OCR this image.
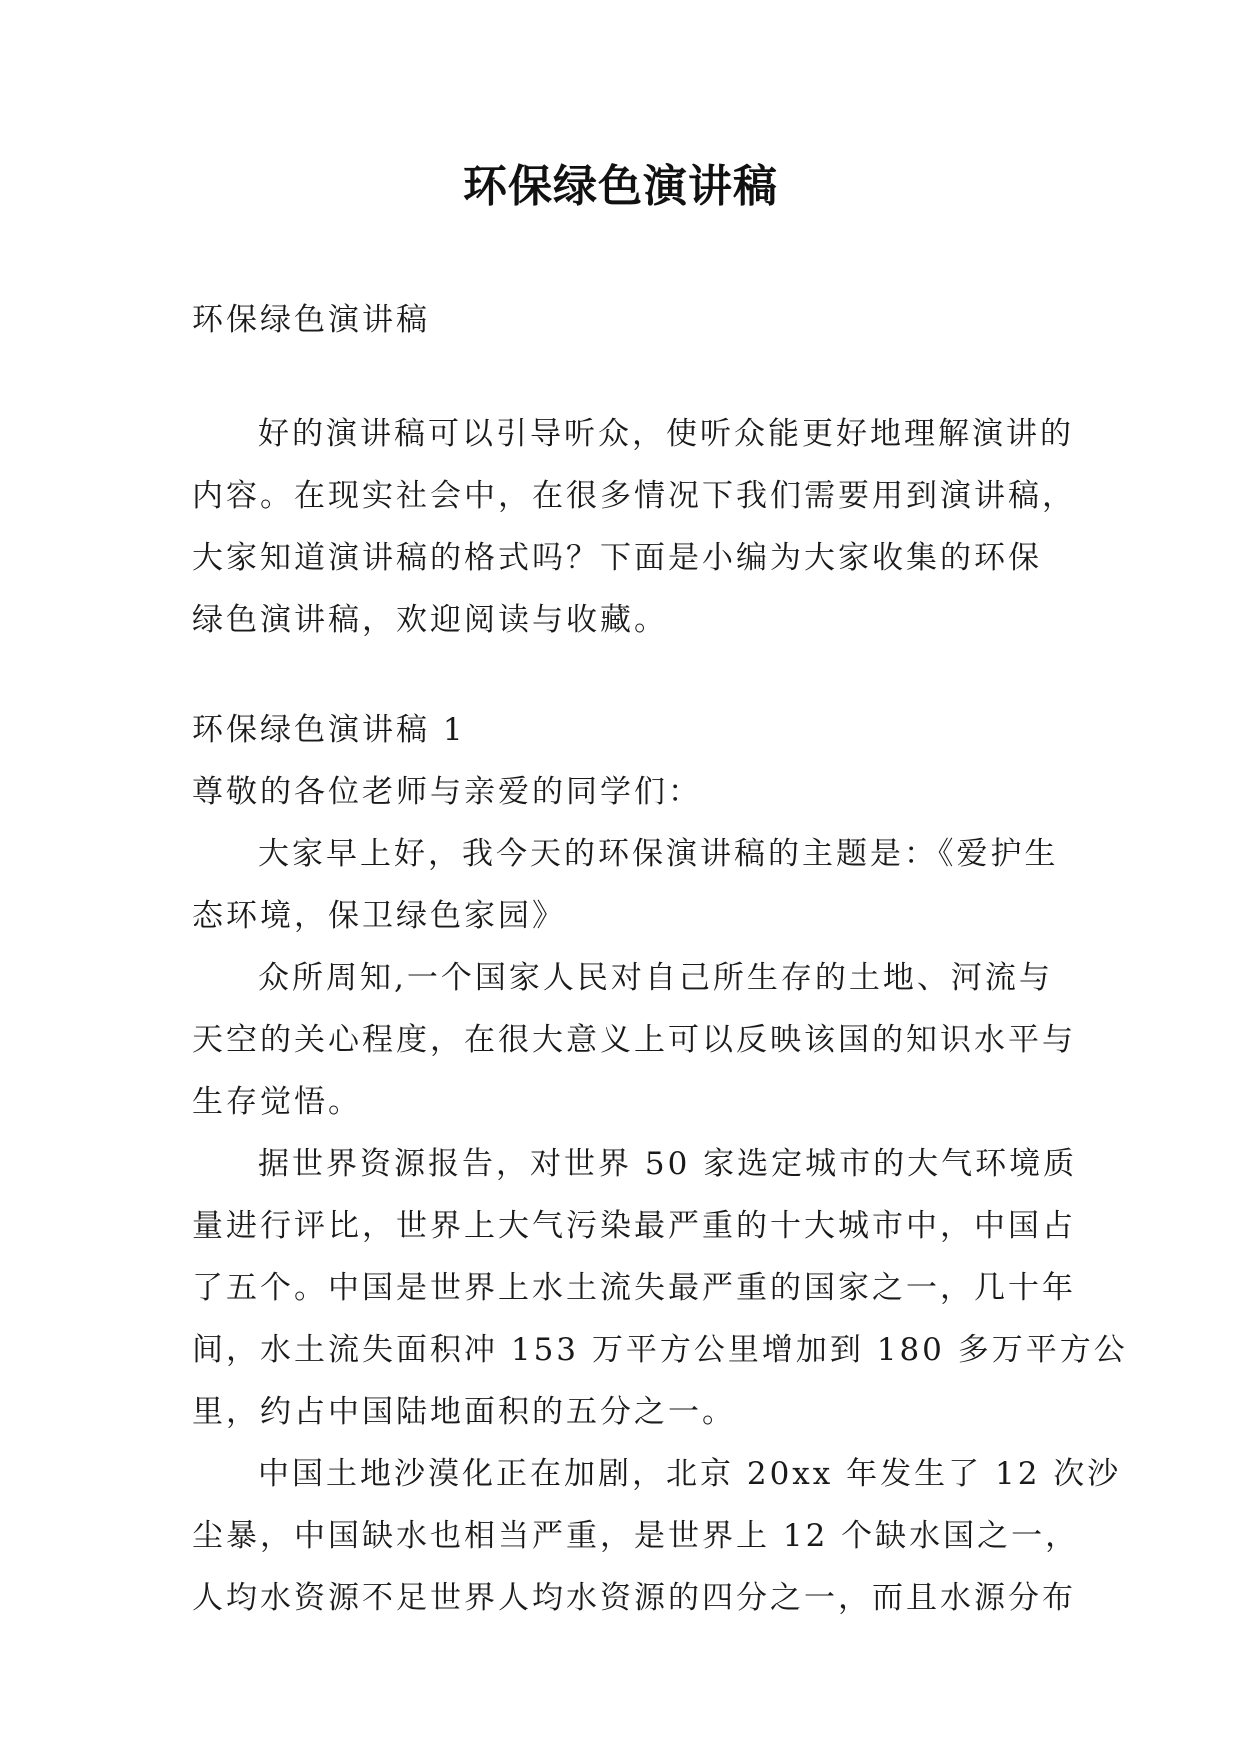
环保绿色演讲稿
环保绿色演讲稿
好的演讲稿可以引导听众，使听众能更好地理解演讲的
内容。在现实社会中，在很多情况下我们需要用到演讲稿，
大家知道演讲稿的格式吗？下面是小编为大家收集的环保
绿色演讲稿，欢迎阅读与收藏。
环保绿色演讲稿 1
尊敬的各位老师与亲爱的同学们：
大家早上好，我今天的环保演讲稿的主题是：《爱护生
态环境，保卫绿色家园》
众所周知,一个国家人民对自己所生存的土地、河流与
天空的关心程度，在很大意义上可以反映该国的知识水平与
生存觉悟。
据世界资源报告，对世界 50 家选定城市的大气环境质
量进行评比，世界上大气污染最严重的十大城市中，中国占
了五个。中国是世界上水土流失最严重的国家之一，几十年
间，水土流失面积冲 153 万平方公里增加到 180 多万平方公
里，约占中国陆地面积的五分之一。
中国土地沙漠化正在加剧，北京 20xx 年发生了 12 次沙
尘暴，中国缺水也相当严重，是世界上 12 个缺水国之一，
人均水资源不足世界人均水资源的四分之一，而且水源分布
